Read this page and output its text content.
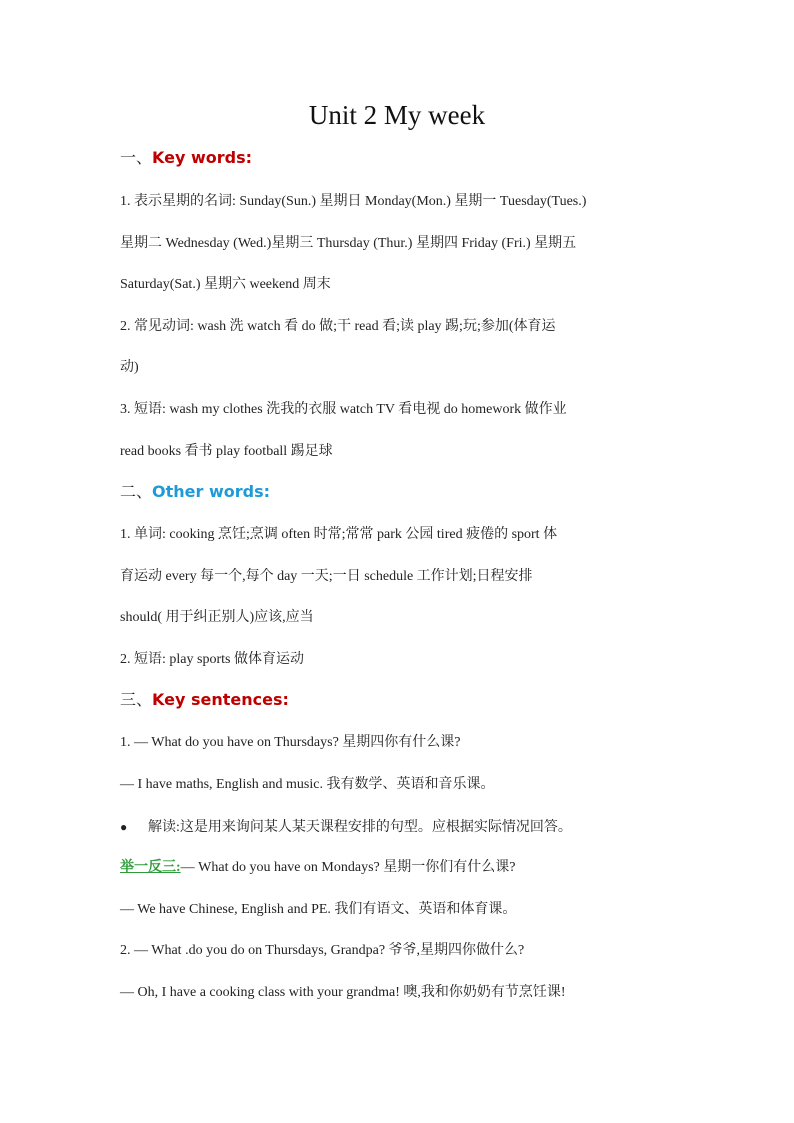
Unit 2 My week
一、Key words:
1. 表示星期的名词: Sunday(Sun.) 星期日 Monday(Mon.) 星期一 Tuesday(Tues.)
星期二 Wednesday (Wed.)星期三 Thursday (Thur.) 星期四 Friday (Fri.) 星期五
Saturday(Sat.) 星期六 weekend 周末
2. 常见动词: wash 洗 watch 看 do 做;干 read 看;读 play 踢;玩;参加(体育运
动)
3. 短语: wash my clothes 洗我的衣服 watch TV 看电视 do homework 做作业
read books 看书 play football 踢足球
二、Other words:
1. 单词: cooking 烹饪;烹调 often 时常;常常 park 公园 tired 疲倦的 sport 体
育运动 every 每一个,每个 day 一天;一日 schedule 工作计划;日程安排
should( 用于纠正别人)应该,应当
2. 短语: play sports 做体育运动
三、Key sentences:
1. — What do you have on Thursdays? 星期四你有什么课?
— I have maths, English and music. 我有数学、英语和音乐课。
● 解读:这是用来询问某人某天课程安排的句型。应根据实际情况回答。
举一反三:— What do you have on Mondays? 星期一你们有什么课?
— We have Chinese, English and PE. 我们有语文、英语和体育课。
2. — What .do you do on Thursdays, Grandpa? 爷爷,星期四你做什么?
— Oh, I have a cooking class with your grandma! 噢,我和你奶奶有节烹饪课!
